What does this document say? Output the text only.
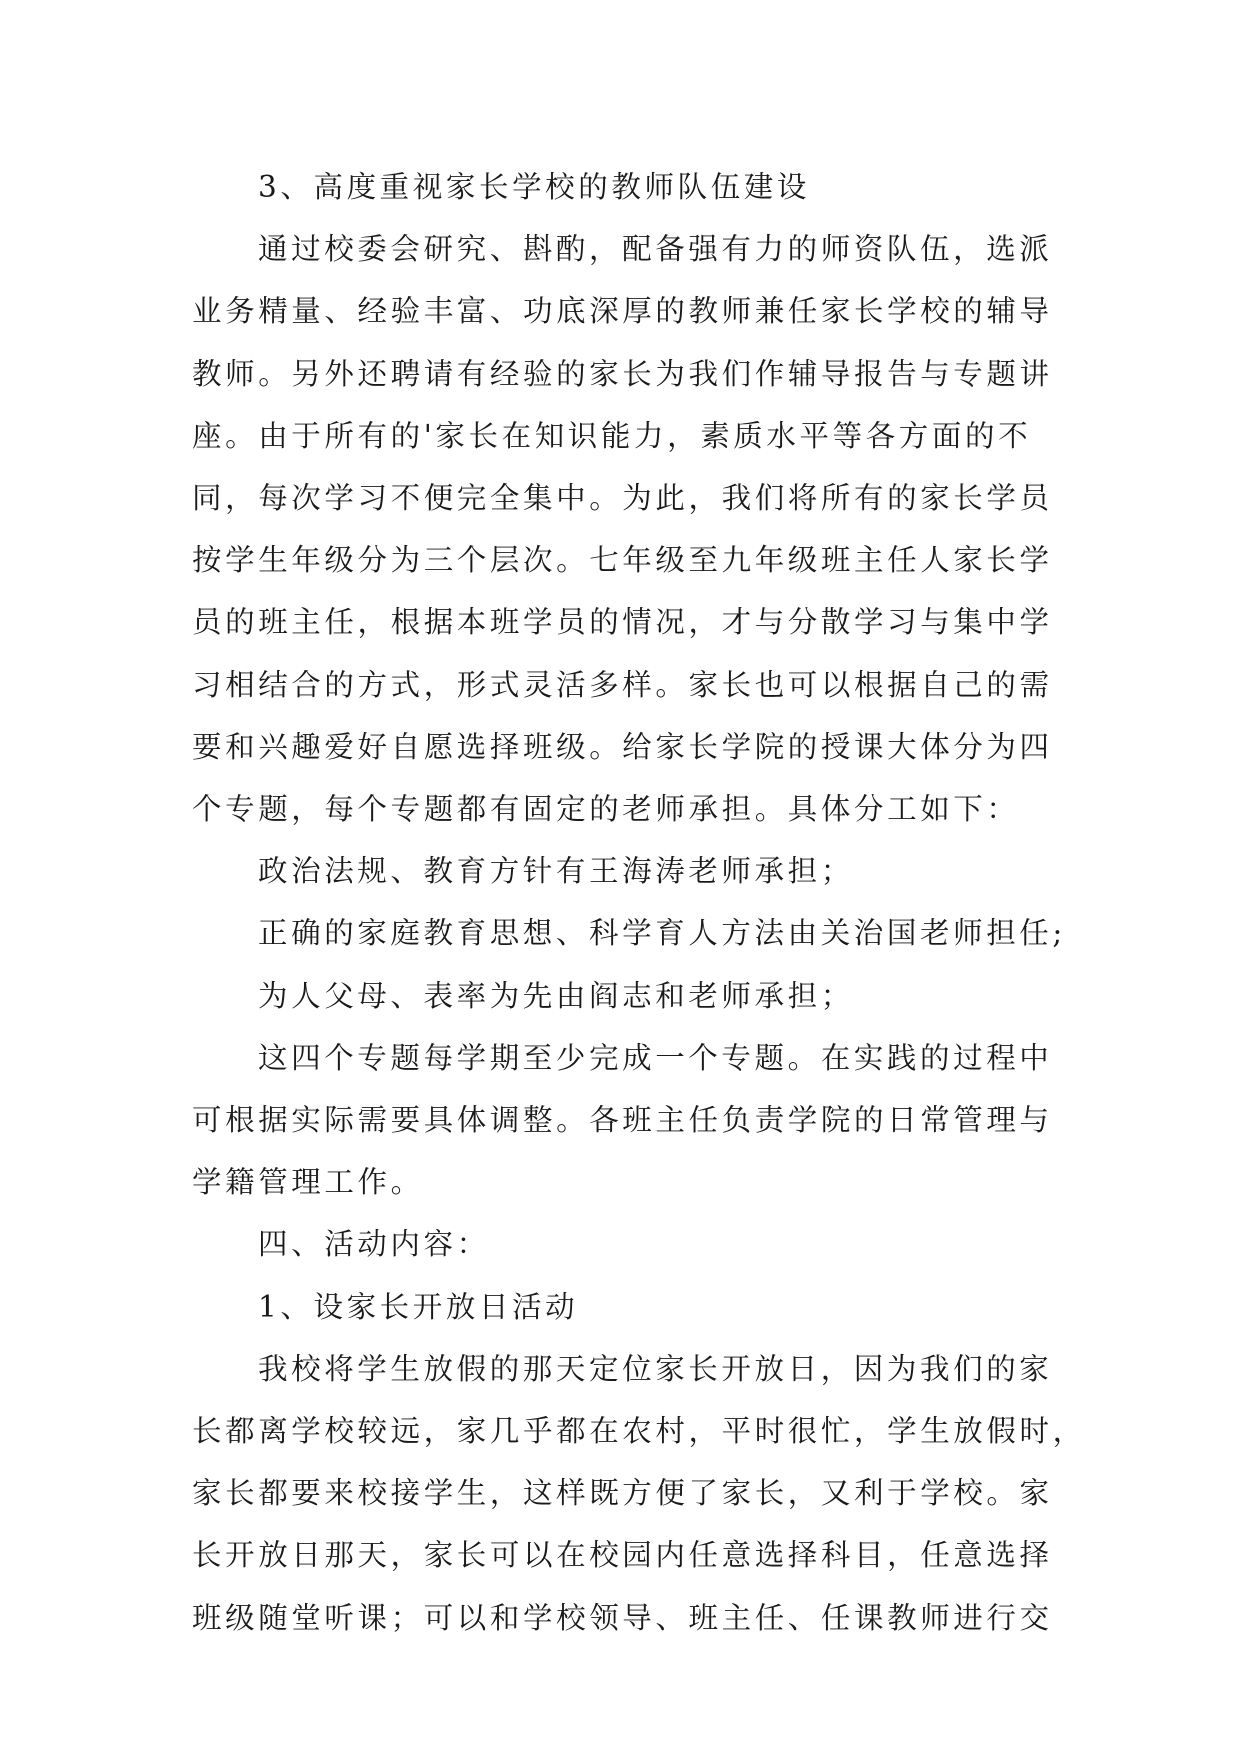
3、高度重视家长学校的教师队伍建设
通过校委会研究、斟酌，配备强有力的师资队伍，选派
业务精量、经验丰富、功底深厚的教师兼任家长学校的辅导
教师。另外还聘请有经验的家长为我们作辅导报告与专题讲
座。由于所有的'家长在知识能力，素质水平等各方面的不
同，每次学习不便完全集中。为此，我们将所有的家长学员
按学生年级分为三个层次。七年级至九年级班主任人家长学
员的班主任，根据本班学员的情况，才与分散学习与集中学
习相结合的方式，形式灵活多样。家长也可以根据自己的需
要和兴趣爱好自愿选择班级。给家长学院的授课大体分为四
个专题，每个专题都有固定的老师承担。具体分工如下：
政治法规、教育方针有王海涛老师承担；
正确的家庭教育思想、科学育人方法由关治国老师担任;
为人父母、表率为先由阎志和老师承担；
这四个专题每学期至少完成一个专题。在实践的过程中
可根据实际需要具体调整。各班主任负责学院的日常管理与
学籍管理工作。
四、活动内容：
1、设家长开放日活动
我校将学生放假的那天定位家长开放日，因为我们的家
长都离学校较远，家几乎都在农村，平时很忙，学生放假时，
家长都要来校接学生，这样既方便了家长，又利于学校。家
长开放日那天，家长可以在校园内任意选择科目，任意选择
班级随堂听课；可以和学校领导、班主任、任课教师进行交
